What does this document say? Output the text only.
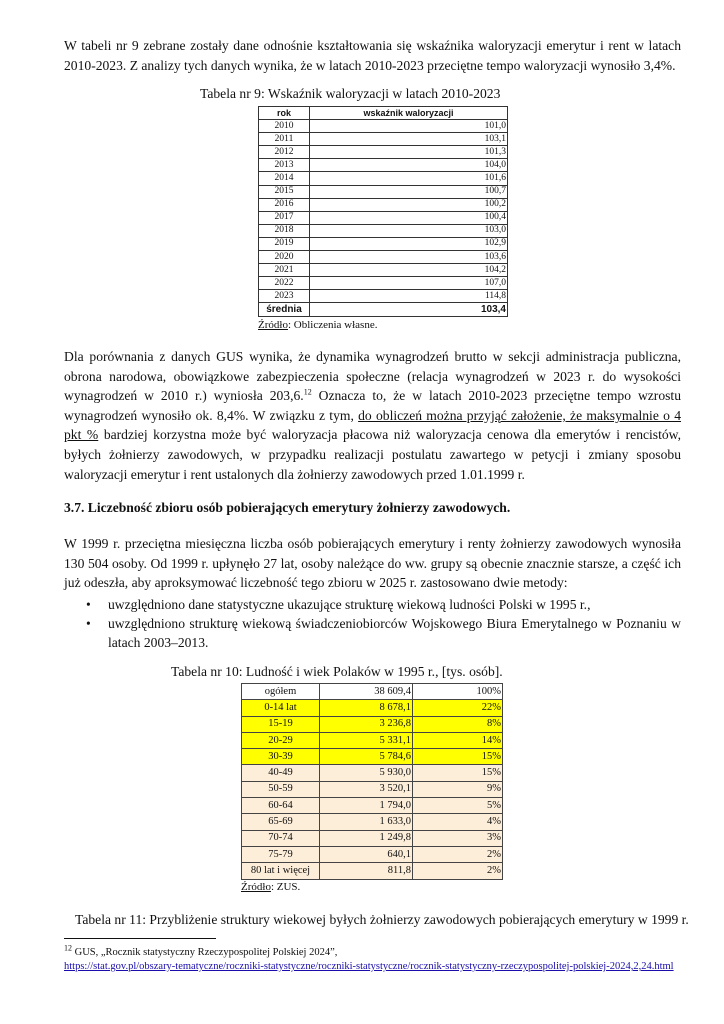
W tabeli nr 9 zebrane zostały dane odnośnie kształtowania się wskaźnika waloryzacji emerytur i rent w latach 2010-2023. Z analizy tych danych wynika, że w latach 2010-2023 przeciętne tempo waloryzacji wynosiło 3,4%.

Tabela nr 9: Wskaźnik waloryzacji w latach 2010-2023
rok	wskaźnik waloryzacji
2010	101,0
2011	103,1
2012	101,3
2013	104,0
2014	101,6
2015	100,7
2016	100,2
2017	100,4
2018	103,0
2019	102,9
2020	103,6
2021	104,2
2022	107,0
2023	114,8
średnia	103,4
Źródło: Obliczenia własne.

Dla porównania z danych GUS wynika, że dynamika wynagrodzeń brutto w sekcji administracja publiczna, obrona narodowa, obowiązkowe zabezpieczenia społeczne (relacja wynagrodzeń w 2023 r. do wysokości wynagrodzeń w 2010 r.) wyniosła 203,6.12 Oznacza to, że w latach 2010-2023 przeciętne tempo wzrostu wynagrodzeń wynosiło ok. 8,4%. W związku z tym, do obliczeń można przyjąć założenie, że maksymalnie o 4 pkt % bardziej korzystna może być waloryzacja płacowa niż waloryzacja cenowa dla emerytów i rencistów, byłych żołnierzy zawodowych, w przypadku realizacji postulatu zawartego w petycji i zmiany sposobu waloryzacji emerytur i rent ustalonych dla żołnierzy zawodowych przed 1.01.1999 r.

3.7. Liczebność zbioru osób pobierających emerytury żołnierzy zawodowych.

W 1999 r. przeciętna miesięczna liczba osób pobierających emerytury i renty żołnierzy zawodowych wynosiła 130 504 osoby. Od 1999 r. upłynęło 27 lat, osoby należące do ww. grupy są obecnie znacznie starsze, a część ich już odeszła, aby aproksymować liczebność tego zbioru w 2025 r. zastosowano dwie metody:

• uwzględniono dane statystyczne ukazujące strukturę wiekową ludności Polski w 1995 r.,
• uwzględniono strukturę wiekową świadczeniobiorców Wojskowego Biura Emerytalnego w Poznaniu w latach 2003–2013.
Tabela nr 10: Ludność i wiek Polaków w 1995 r., [tys. osób].
ogółem	38 609,4	100%
0-14 lat	8 678,1	22%
15-19	3 236,8	8%
20-29	5 331,1	14%
30-39	5 784,6	15%
40-49	5 930,0	15%
50-59	3 520,1	9%
60-64	1 794,0	5%
65-69	1 633,0	4%
70-74	1 249,8	3%
75-79	640,1	2%
80 lat i więcej	811,8	2%
Źródło: ZUS.
Tabela nr 11: Przybliżenie struktury wiekowej byłych żołnierzy zawodowych pobierających emerytury w 1999 r.
$^{12}$ GUS, „Rocznik statystyczny Rzeczypospolitej Polskiej 2024”,
https://stat.gov.pl/obszary-tematyczne/roczniki-statystyczne/roczniki-statystyczne/rocznik-statystyczny-rzeczypospolitej-polskiej-2024,2,24.html
